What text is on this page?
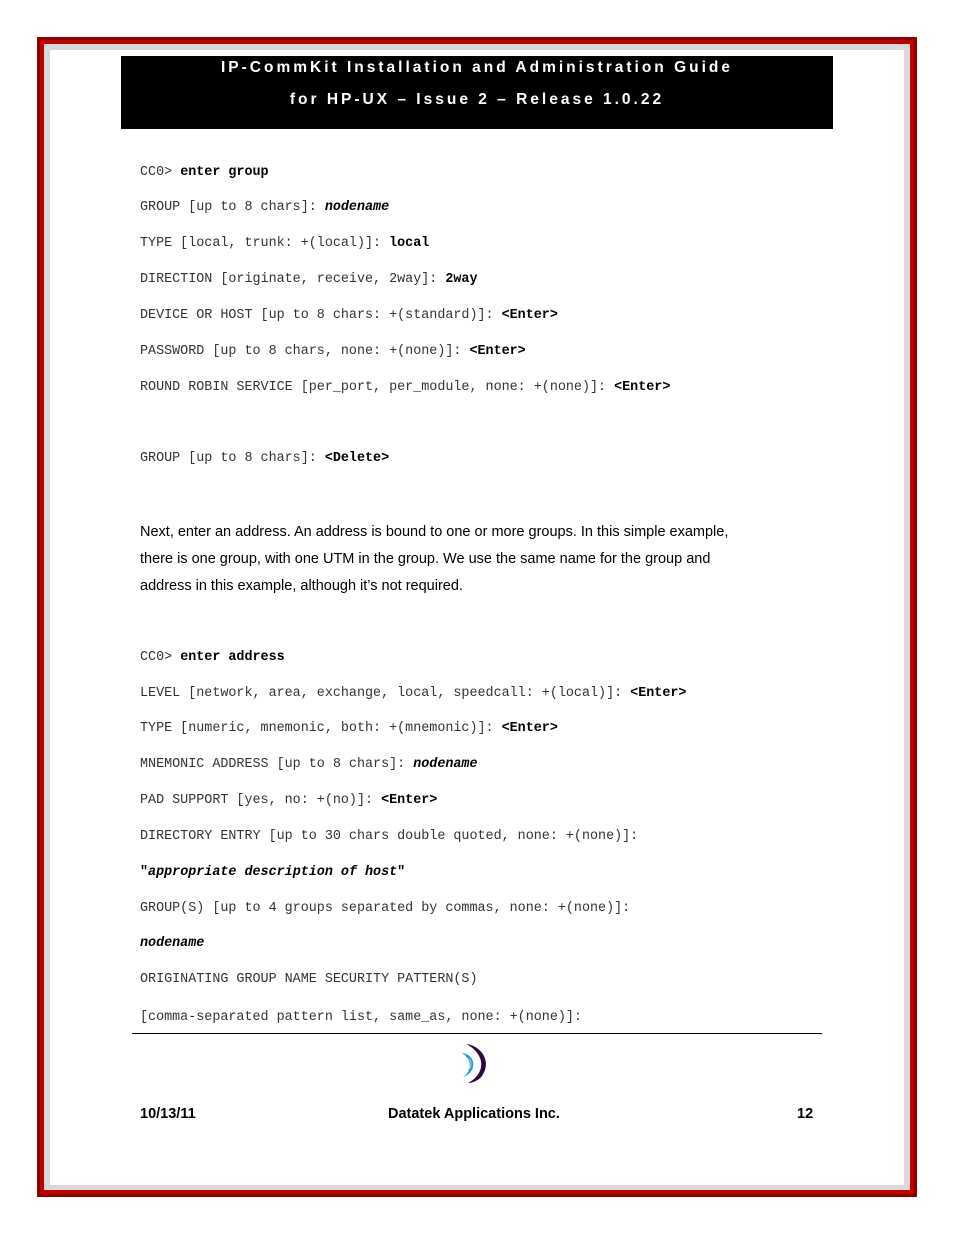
IP-CommKit Installation and Administration Guide
for HP-UX – Issue 2 – Release 1.0.22
CC0> enter group
GROUP [up to 8 chars]: nodename
TYPE [local, trunk: +(local)]: local
DIRECTION [originate, receive, 2way]: 2way
DEVICE OR HOST [up to 8 chars: +(standard)]: <Enter>
PASSWORD [up to 8 chars, none: +(none)]: <Enter>
ROUND ROBIN SERVICE [per_port, per_module, none: +(none)]: <Enter>
GROUP [up to 8 chars]: <Delete>
Next, enter an address. An address is bound to one or more groups. In this simple example,
there is one group, with one UTM in the group. We use the same name for the group and
address in this example, although it’s not required.
CC0> enter address
LEVEL [network, area, exchange, local, speedcall: +(local)]: <Enter>
TYPE [numeric, mnemonic, both: +(mnemonic)]: <Enter>
MNEMONIC ADDRESS [up to 8 chars]: nodename
PAD SUPPORT [yes, no: +(no)]: <Enter>
DIRECTORY ENTRY [up to 30 chars double quoted, none: +(none)]:
"appropriate description of host"
GROUP(S) [up to 4 groups separated by commas, none: +(none)]:
nodename
ORIGINATING GROUP NAME SECURITY PATTERN(S)
[comma-separated pattern list, same_as, none: +(none)]:
10/13/11	Datatek Applications Inc.	12
